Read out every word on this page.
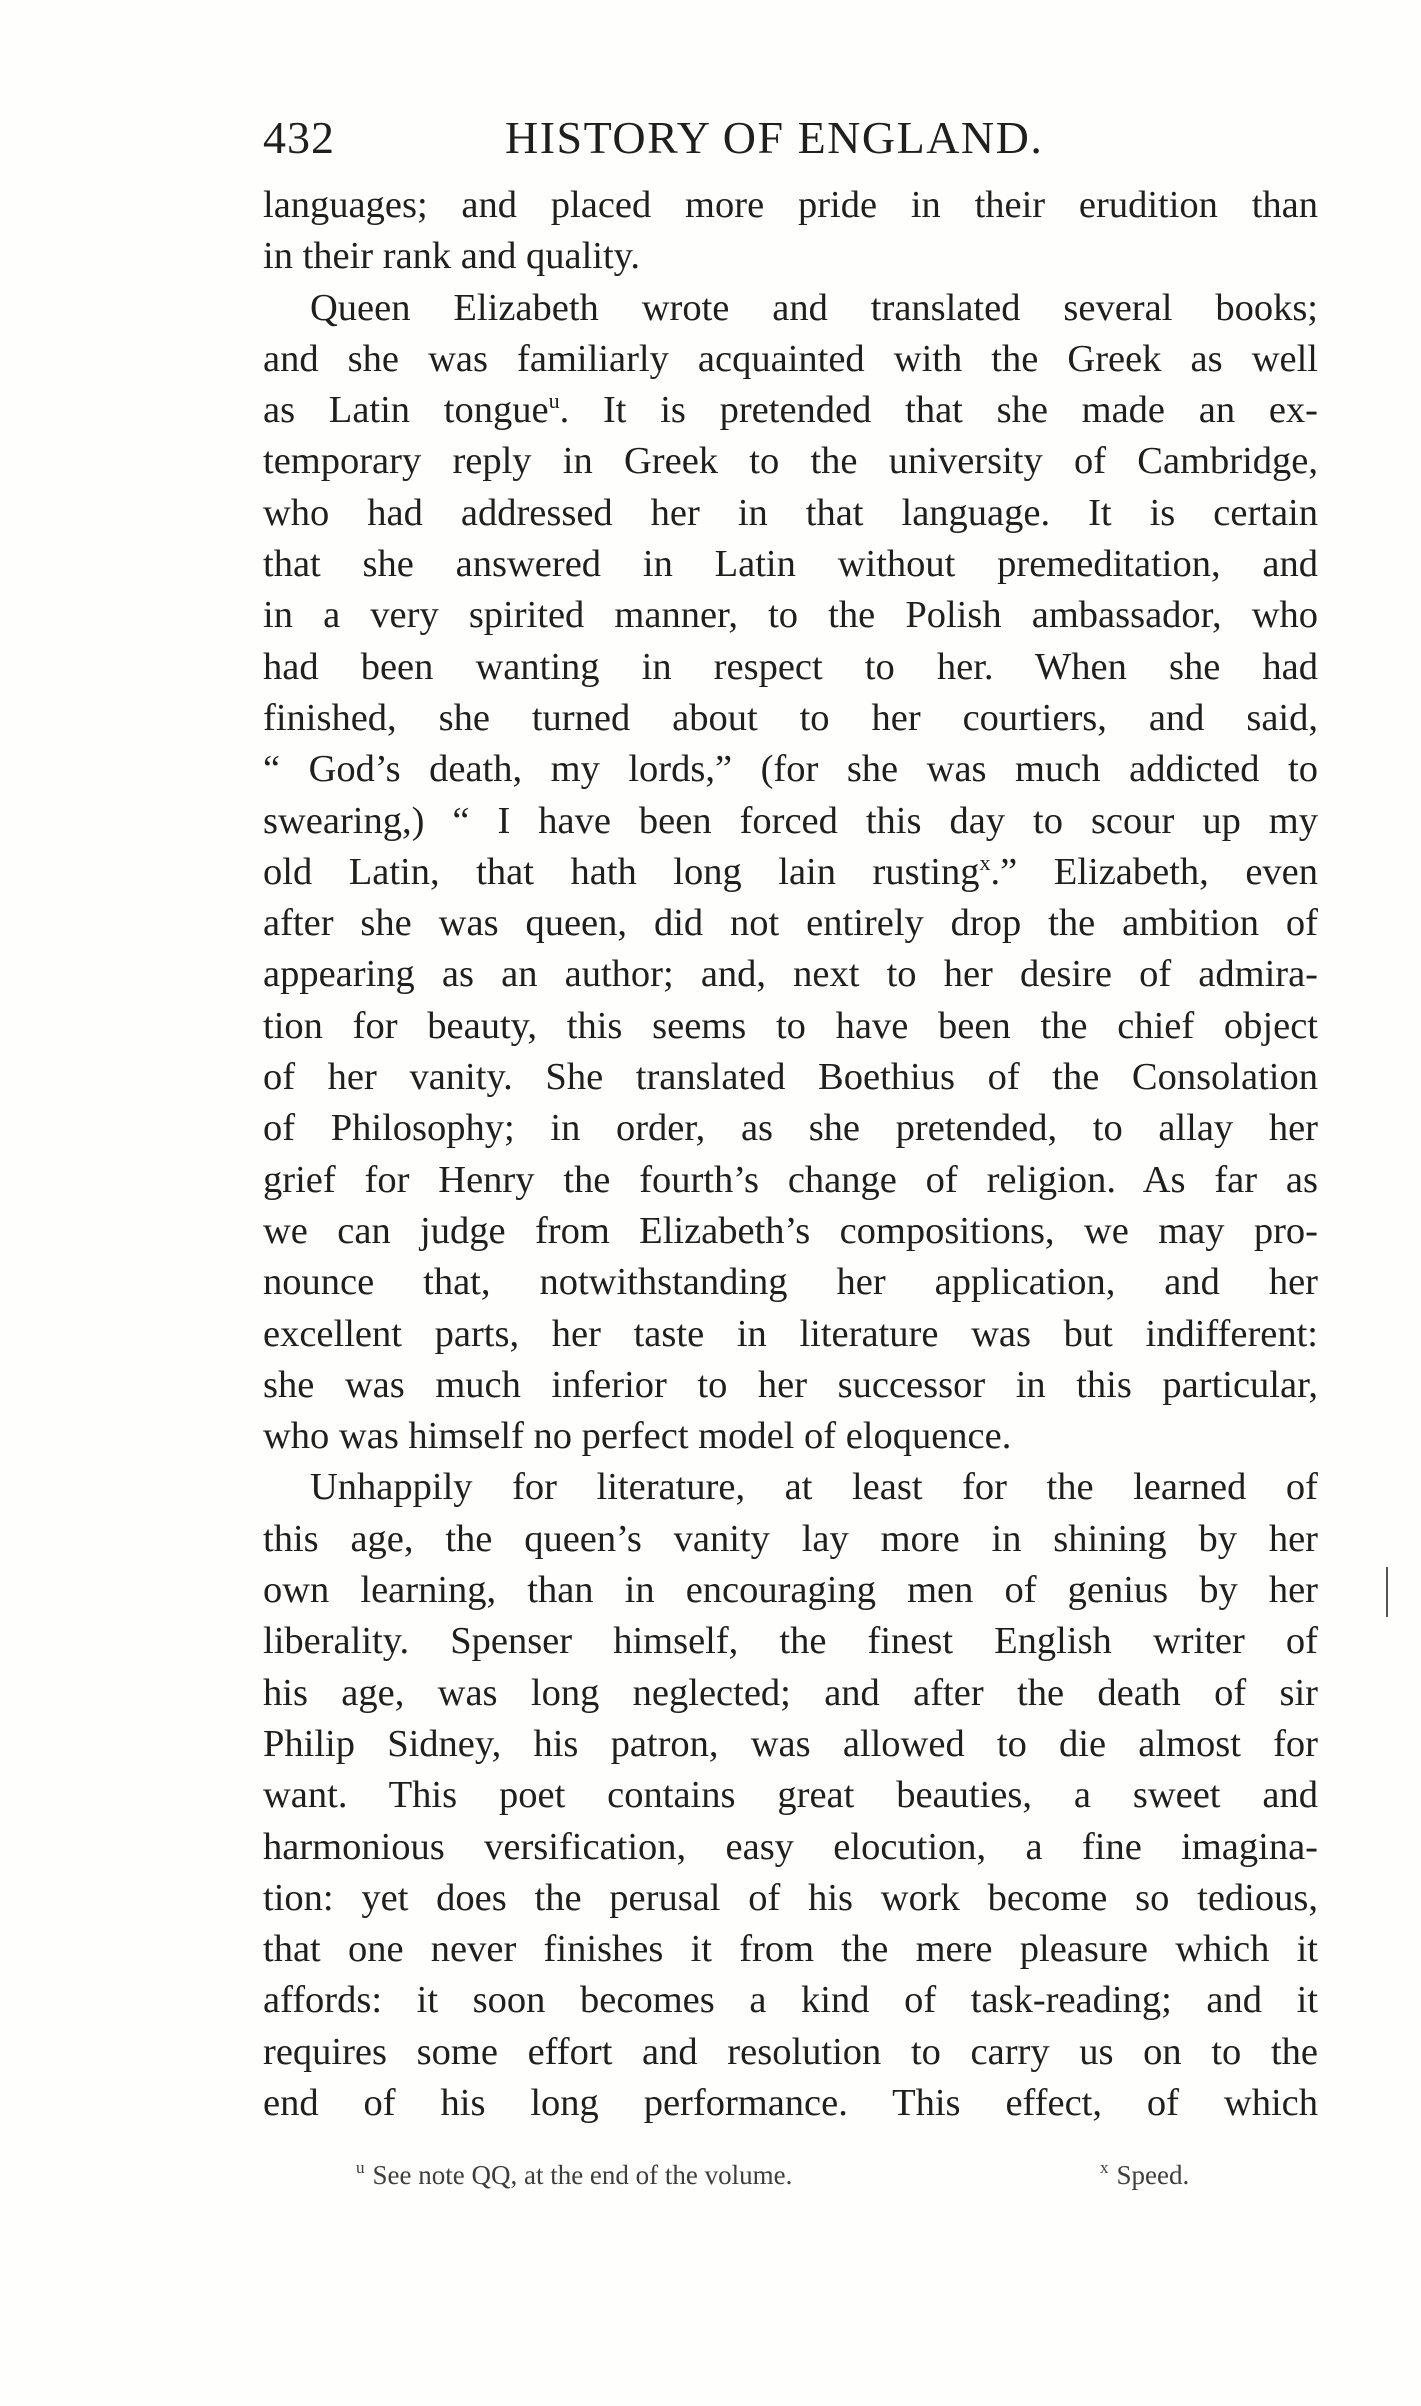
432	HISTORY OF ENGLAND.
languages; and placed more pride in their erudition than
in their rank and quality.
Queen Elizabeth wrote and translated several books;
and she was familiarly acquainted with the Greek as well
as Latin tongue$^u$. It is pretended that she made an ex-
temporary reply in Greek to the university of Cambridge,
who had addressed her in that language. It is certain
that she answered in Latin without premeditation, and
in a very spirited manner, to the Polish ambassador, who
had been wanting in respect to her. When she had
finished, she turned about to her courtiers, and said,
“ God’s death, my lords,” (for she was much addicted to
swearing,) “ I have been forced this day to scour up my
old Latin, that hath long lain rusting$^x$.” Elizabeth, even
after she was queen, did not entirely drop the ambition of
appearing as an author; and, next to her desire of admira-
tion for beauty, this seems to have been the chief object
of her vanity. She translated Boethius of the Consolation
of Philosophy; in order, as she pretended, to allay her
grief for Henry the fourth’s change of religion. As far as
we can judge from Elizabeth’s compositions, we may pro-
nounce that, notwithstanding her application, and her
excellent parts, her taste in literature was but indifferent:
she was much inferior to her successor in this particular,
who was himself no perfect model of eloquence.
Unhappily for literature, at least for the learned of
this age, the queen’s vanity lay more in shining by her
own learning, than in encouraging men of genius by her
liberality. Spenser himself, the finest English writer of
his age, was long neglected; and after the death of sir
Philip Sidney, his patron, was allowed to die almost for
want. This poet contains great beauties, a sweet and
harmonious versification, easy elocution, a fine imagina-
tion: yet does the perusal of his work become so tedious,
that one never finishes it from the mere pleasure which it
affords: it soon becomes a kind of task-reading; and it
requires some effort and resolution to carry us on to the
end of his long performance. This effect, of which
$^u$ See note QQ, at the end of the volume.	$^x$ Speed.
